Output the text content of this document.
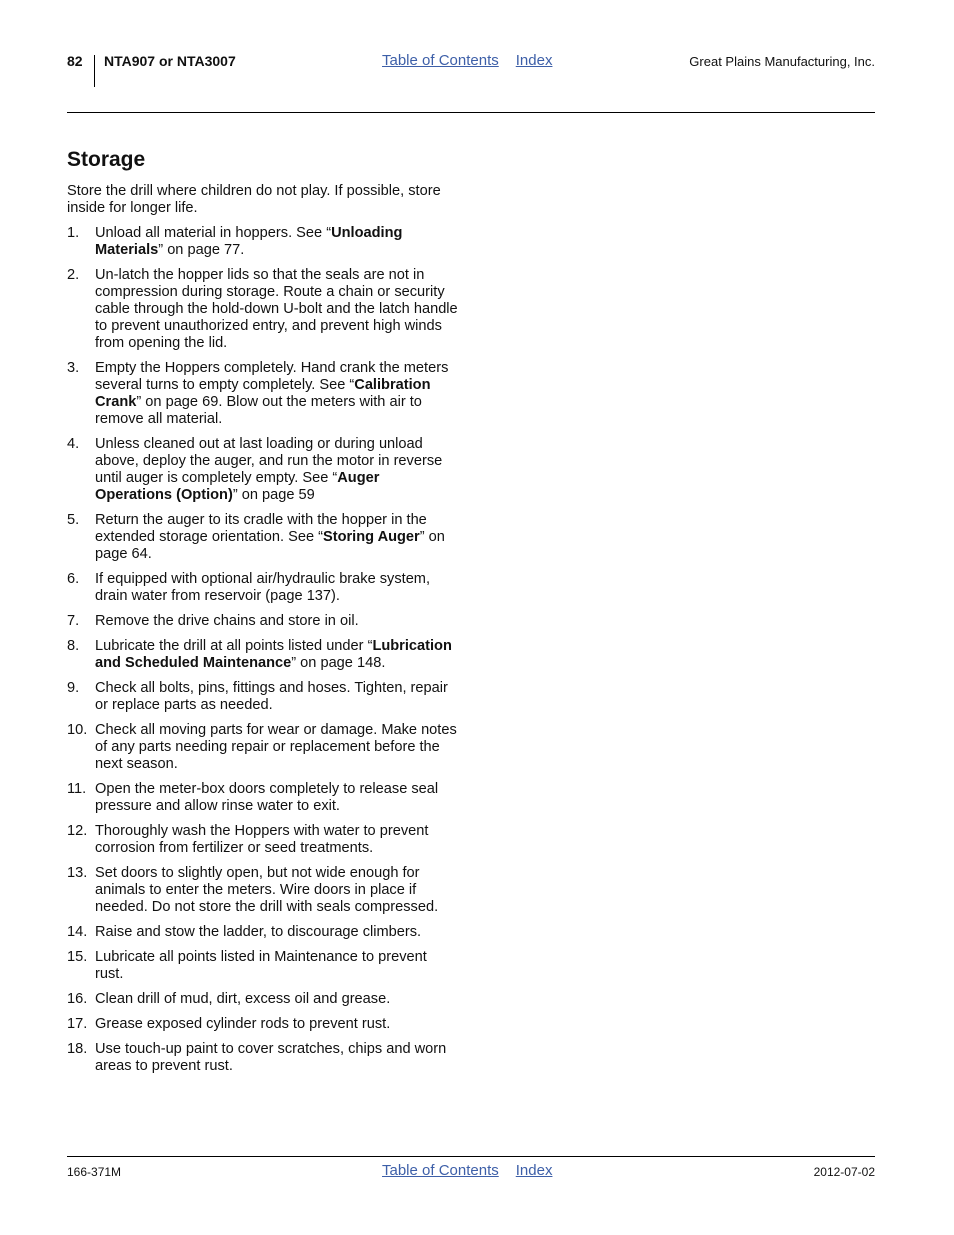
82 NTA907 or NTA3007	Table of Contents Index	Great Plains Manufacturing, Inc.
Storage

Store the drill where children do not play. If possible, store inside for longer life.

1. Unload all material in hoppers. See “Unloading Materials” on page 77.
2. Un-latch the hopper lids so that the seals are not in compression during storage. Route a chain or security cable through the hold-down U-bolt and the latch handle to prevent unauthorized entry, and prevent high winds from opening the lid.
3. Empty the Hoppers completely. Hand crank the meters several turns to empty completely. See “Calibration Crank” on page 69. Blow out the meters with air to remove all material.
4. Unless cleaned out at last loading or during unload above, deploy the auger, and run the motor in reverse until auger is completely empty. See “Auger Operations (Option)” on page 59
5. Return the auger to its cradle with the hopper in the extended storage orientation. See “Storing Auger” on page 64.
6. If equipped with optional air/hydraulic brake system, drain water from reservoir (page 137).
7. Remove the drive chains and store in oil.
8. Lubricate the drill at all points listed under “Lubrication and Scheduled Maintenance” on page 148.
9. Check all bolts, pins, fittings and hoses. Tighten, repair or replace parts as needed.
10. Check all moving parts for wear or damage. Make notes of any parts needing repair or replacement before the next season.
11. Open the meter-box doors completely to release seal pressure and allow rinse water to exit.
12. Thoroughly wash the Hoppers with water to prevent corrosion from fertilizer or seed treatments.
13. Set doors to slightly open, but not wide enough for animals to enter the meters. Wire doors in place if needed. Do not store the drill with seals compressed.
14. Raise and stow the ladder, to discourage climbers.
15. Lubricate all points listed in Maintenance to prevent rust.
16. Clean drill of mud, dirt, excess oil and grease.
17. Grease exposed cylinder rods to prevent rust.
18. Use touch-up paint to cover scratches, chips and worn areas to prevent rust.
166-371M	Table of Contents Index	2012-07-02
